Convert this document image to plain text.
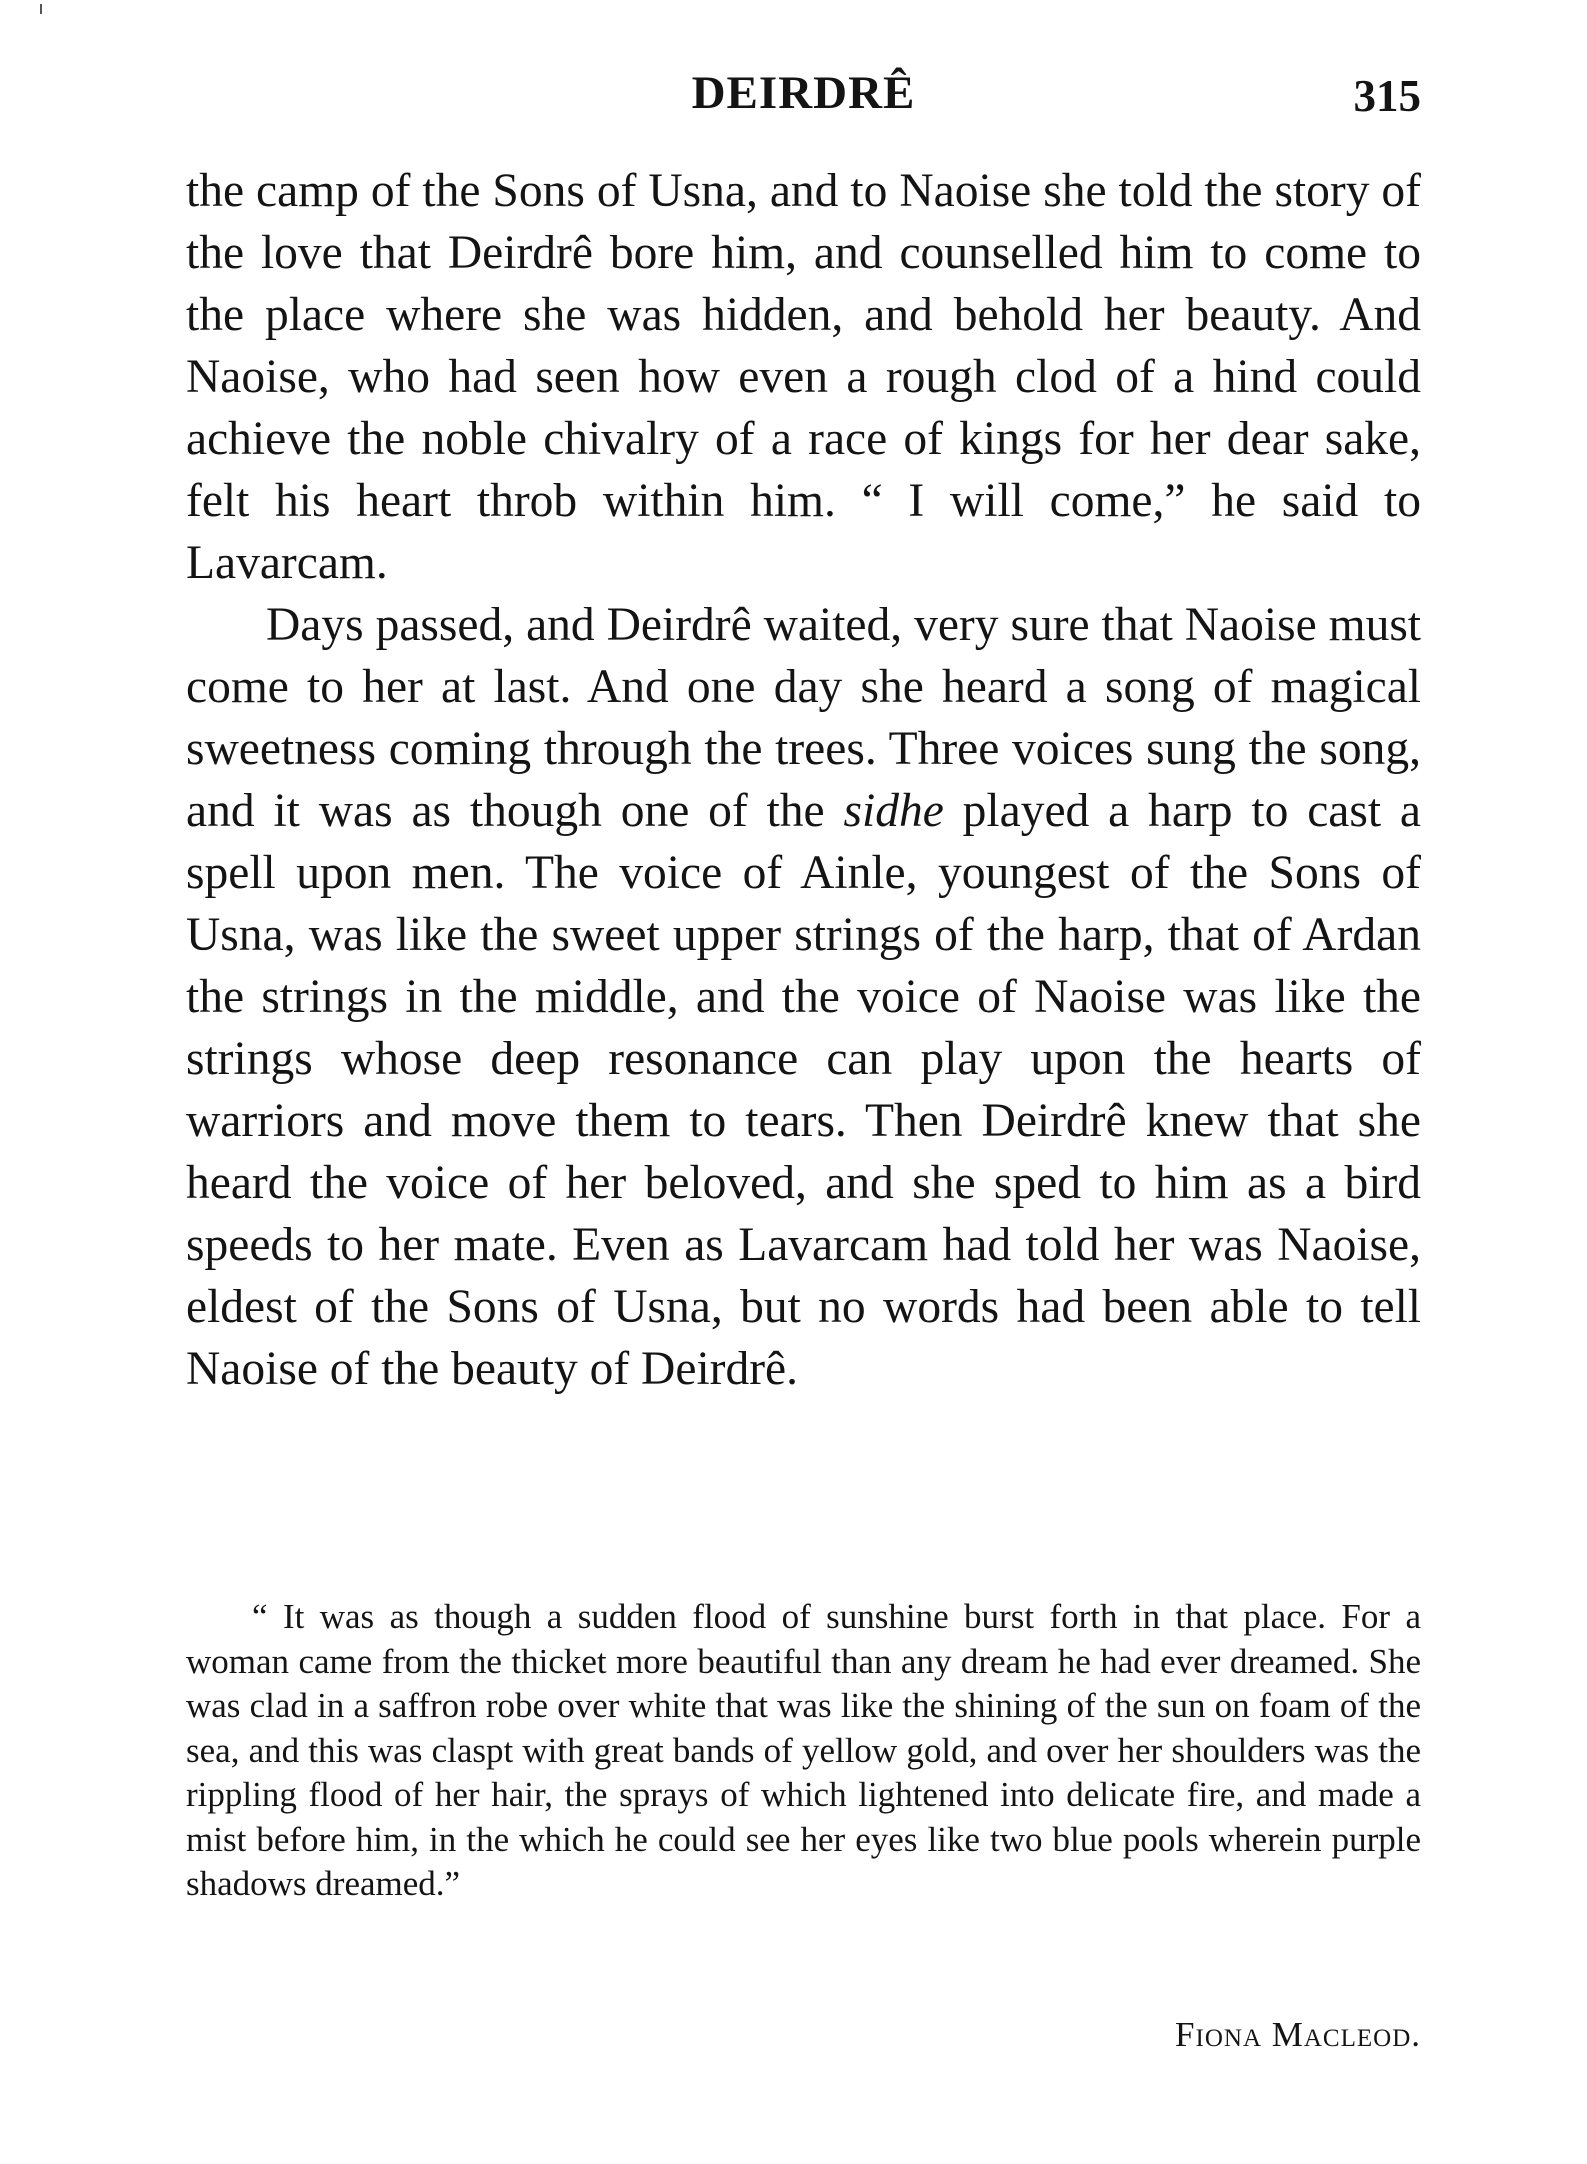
DEIRDRÊ	315

the camp of the Sons of Usna, and to Naoise she told the story of the love that Deirdrê bore him, and counselled him to come to the place where she was hidden, and behold her beauty. And Naoise, who had seen how even a rough clod of a hind could achieve the noble chivalry of a race of kings for her dear sake, felt his heart throb within him. “ I will come,” he said to Lavarcam.

Days passed, and Deirdrê waited, very sure that Naoise must come to her at last. And one day she heard a song of magical sweetness coming through the trees. Three voices sung the song, and it was as though one of the sidhe played a harp to cast a spell upon men. The voice of Ainle, youngest of the Sons of Usna, was like the sweet upper strings of the harp, that of Ardan the strings in the middle, and the voice of Naoise was like the strings whose deep resonance can play upon the hearts of warriors and move them to tears. Then Deirdrê knew that she heard the voice of her beloved, and she sped to him as a bird speeds to her mate. Even as Lavarcam had told her was Naoise, eldest of the Sons of Usna, but no words had been able to tell Naoise of the beauty of Deirdrê.

“ It was as though a sudden flood of sunshine burst forth in that place. For a woman came from the thicket more beautiful than any dream he had ever dreamed. She was clad in a saffron robe over white that was like the shining of the sun on foam of the sea, and this was claspt with great bands of yellow gold, and over her shoulders was the rippling flood of her hair, the sprays of which lightened into delicate fire, and made a mist before him, in the which he could see her eyes like two blue pools wherein purple shadows dreamed.”

Fiona Macleod.
